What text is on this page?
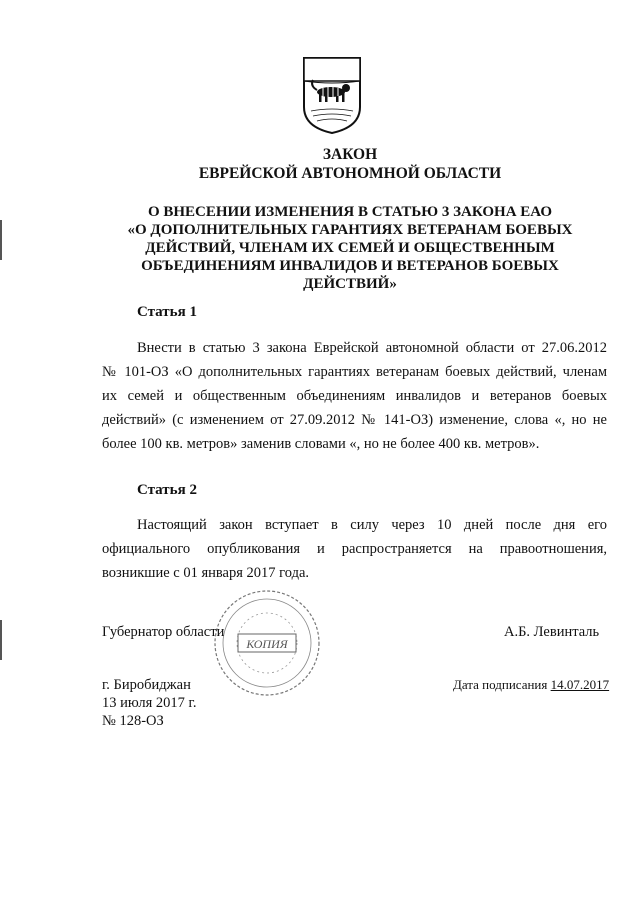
ЗАКОН
ЕВРЕЙСКОЙ АВТОНОМНОЙ ОБЛАСТИ
О ВНЕСЕНИИ ИЗМЕНЕНИЯ В СТАТЬЮ 3 ЗАКОНА ЕАО
«О ДОПОЛНИТЕЛЬНЫХ ГАРАНТИЯХ ВЕТЕРАНАМ БОЕВЫХ
ДЕЙСТВИЙ, ЧЛЕНАМ ИХ СЕМЕЙ И ОБЩЕСТВЕННЫМ
ОБЪЕДИНЕНИЯМ ИНВАЛИДОВ И ВЕТЕРАНОВ БОЕВЫХ
ДЕЙСТВИЙ»
Статья 1
Внести в статью 3 закона Еврейской автономной области от 27.06.2012
№ 101-ОЗ «О дополнительных гарантиях ветеранам боевых действий, членам
их семей и общественным объединениям инвалидов и ветеранов боевых
действий» (с изменением от 27.09.2012 № 141-ОЗ) изменение, слова «, но не
более 100 кв. метров» заменив словами «, но не более 400 кв. метров».
Статья 2
Настоящий закон вступает в силу через 10 дней после дня его
официального опубликования и распространяется на правоотношения,
возникшие с 01 января 2017 года.
КОПИЯ
Губернатор области	А.Б. Левинталь
г. Биробиджан
13 июля 2017 г.
№ 128-ОЗ
Дата подписания 14.07.2017
